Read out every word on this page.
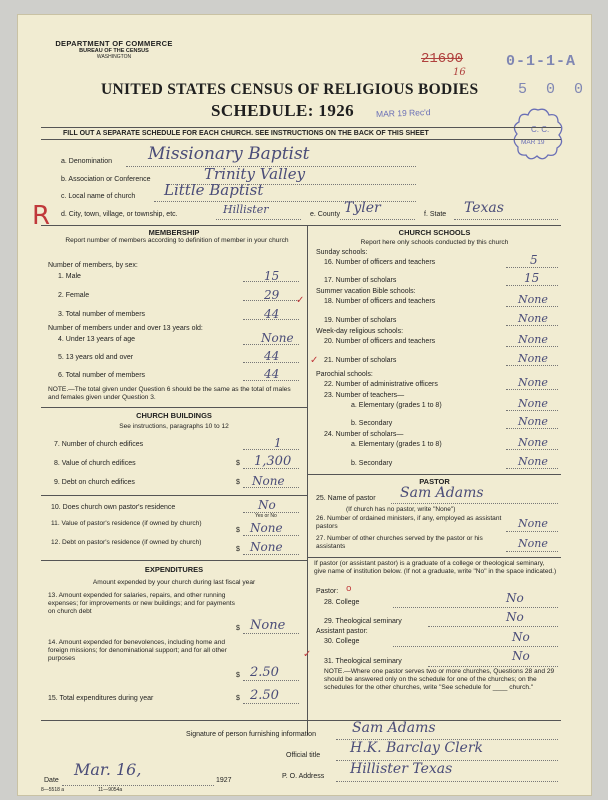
DEPARTMENT OF COMMERCE
BUREAU OF THE CENSUS
WASHINGTON
UNITED STATES CENSUS OF RELIGIOUS BODIES
SCHEDULE: 1926	MAR 19 Rec'd
21690
16
0-1-1-A
5 0 0
C. C.
MAR 19
FILL OUT A SEPARATE SCHEDULE FOR EACH CHURCH. SEE INSTRUCTIONS ON THE BACK OF THIS SHEET
a. Denomination Missionary Baptist
b. Association or Conference	Trinity Valley
c. Local name of church Little Baptist
R d. City, town, village, or township, etc.	Hillister	e. County Tyler	f. State Texas
MEMBERSHIP
Report number of members according to definition of member in your church
Number of members, by sex:
1. Male	15
2. Female	29
3. Total number of members	44
Number of members under and over 13 years old:
4. Under 13 years of age	None
5. 13 years old and over	44
6. Total number of members	44
NOTE.—The total given under Question 6 should be the same as the total of males and females given under Question 3.
CHURCH BUILDINGS
See instructions, paragraphs 10 to 12
7. Number of church edifices	1
8. Value of church edifices	$ 1,300
9. Debt on church edifices	$ None
10. Does church own pastor's residence	No
Yes or No
11. Value of pastor's residence (if owned by church)
$ None
12. Debt on pastor's residence (if owned by church)
$ None
EXPENDITURES
Amount expended by your church during last fiscal year
13. Amount expended for salaries, repairs, and other running expenses; for improvements or new buildings; and for payments on church debt
$ None
14. Amount expended for benevolences, including home and foreign missions; for denominational support; and for all other purposes
$ 2.50
15. Total expenditures during year	$ 2.50
CHURCH SCHOOLS
Report here only schools conducted by this church
Sunday schools:
16. Number of officers and teachers	5
17. Number of scholars	15
Summer vacation Bible schools:
18. Number of officers and teachers	None
19. Number of scholars	None
Week-day religious schools:
20. Number of officers and teachers	None
21. Number of scholars	None
✓
✓
Parochial schools:
22. Number of administrative officers	None
23. Number of teachers—
a. Elementary (grades 1 to 8)	None
b. Secondary	None
24. Number of scholars—
a. Elementary (grades 1 to 8)	None
b. Secondary	None
PASTOR
25. Name of pastor Sam Adams
(If church has no pastor, write "None")
26. Number of ordained ministers, if any, employed as assistant pastors	None
27. Number of other churches served by the pastor or his assistants	None
If pastor (or assistant pastor) is a graduate of a college or theological seminary, give name of institution below. (If not a graduate, write "No" in the space indicated.)
Pastor: o
28. College	No
29. Theological seminary	No
Assistant pastor:
30. College	No
✓
31. Theological seminary	No
NOTE.—Where one pastor serves two or more churches, Questions 28 and 29 should be answered only on the schedule for one of the churches; on the schedules for the other churches, write "See schedule for ____ church."
Signature of person furnishing information	Sam Adams
Official title H.K. Barclay Clerk
Date
Mar. 16,
1927
P. O. Address Hillister Texas
8—5518 a	11—9054a
